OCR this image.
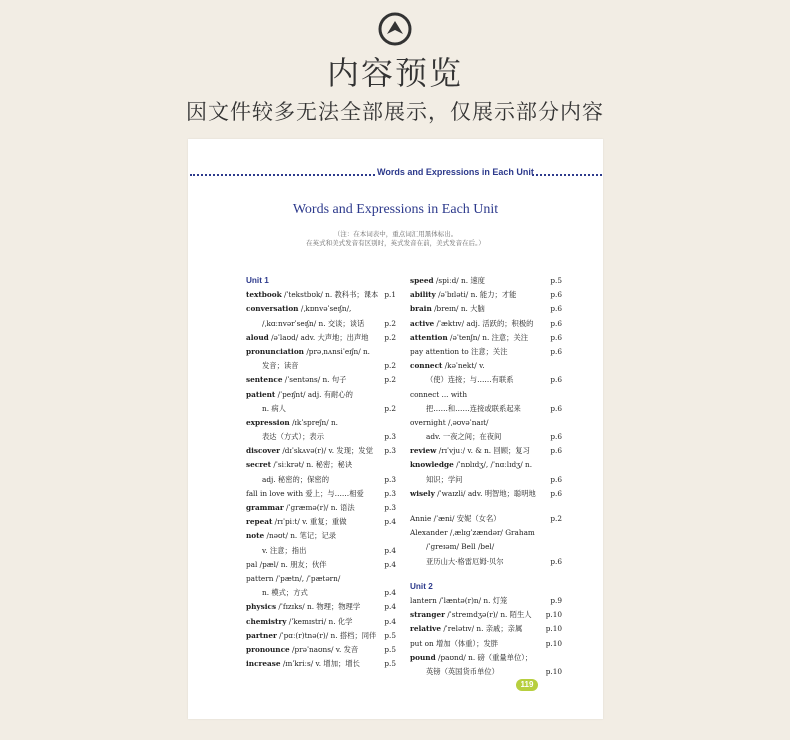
内容预览
因文件较多无法全部展示，仅展示部分内容
Words and Expressions in Each Unit
Words and Expressions in Each Unit
（注：在本词表中，重点词汇用黑体标出。
在英式和美式发音有区别时，英式发音在前，美式发音在后。）
Unit 1
textbook /ˈtekstbʊk/ n. 教科书；课本 p.1
conversation /ˌkɒnvəˈseɪʃn/,
/ˌkɑːnvərˈseɪʃn/ n. 交谈；谈话	p.2
aloud /əˈlaʊd/ adv. 大声地；出声地 p.2
pronunciation /prəˌnʌnsiˈeɪʃn/ n.
发音；读音	p.2
sentence /ˈsentəns/ n. 句子	p.2
patient /ˈpeɪʃnt/ adj. 有耐心的
n. 病人	p.2
expression /ɪkˈspreʃn/ n.
表达（方式）；表示	p.3
discover /dɪˈskʌvə(r)/ v. 发现；发觉 p.3
secret /ˈsiːkrət/ n. 秘密；秘诀
adj. 秘密的；保密的	p.3
fall in love with 爱上；与……相爱	p.3
grammar /ˈɡræmə(r)/ n. 语法	p.3
repeat /rɪˈpiːt/ v. 重复；重做	p.4
note /nəʊt/ n. 笔记；记录
v. 注意；指出	p.4
pal /pæl/ n. 朋友；伙伴	p.4
pattern /ˈpætn/, /ˈpætərn/
n. 模式；方式	p.4
physics /ˈfɪzɪks/ n. 物理；物理学	p.4
chemistry /ˈkemɪstri/ n. 化学	p.4
partner /ˈpɑː(r)tnə(r)/ n. 搭档；同伴 p.5
pronounce /prəˈnaʊns/ v. 发音	p.5
increase /ɪnˈkriːs/ v. 增加；增长	p.5
speed /spiːd/ n. 速度	p.5
ability /əˈbɪləti/ n. 能力；才能	p.6
brain /breɪn/ n. 大脑	p.6
active /ˈæktɪv/ adj. 活跃的；积极的 p.6
attention /əˈtenʃn/ n. 注意；关注	p.6
pay attention to 注意；关注	p.6
connect /kəˈnekt/ v.
（使）连接；与……有联系	p.6
connect ... with
把……和……连接或联系起来	p.6
overnight /ˌəʊvəˈnaɪt/
adv. 一夜之间；在夜间	p.6
review /rɪˈvjuː/ v. & n. 回顾；复习	p.6
knowledge /ˈnɒlɪdʒ/, /ˈnɑːlɪdʒ/ n.
知识；学问	p.6
wisely /ˈwaɪzli/ adv. 明智地；聪明地 p.6
Annie /ˈæni/ 安妮（女名）	p.2
Alexander /ˌælɪɡˈzændər/ Graham
/ˈɡreɪəm/ Bell /bel/
亚历山大·格雷厄姆·贝尔	p.6
Unit 2
lantern /ˈlæntə(r)n/ n. 灯笼	p.9
stranger /ˈstreɪndʒə(r)/ n. 陌生人 p.10
relative /ˈrelətɪv/ n. 亲戚；亲属	p.10
put on 增加（体重）；发胖	p.10
pound /paʊnd/ n. 磅（重量单位）；
英镑（英国货币单位）	p.10
119
